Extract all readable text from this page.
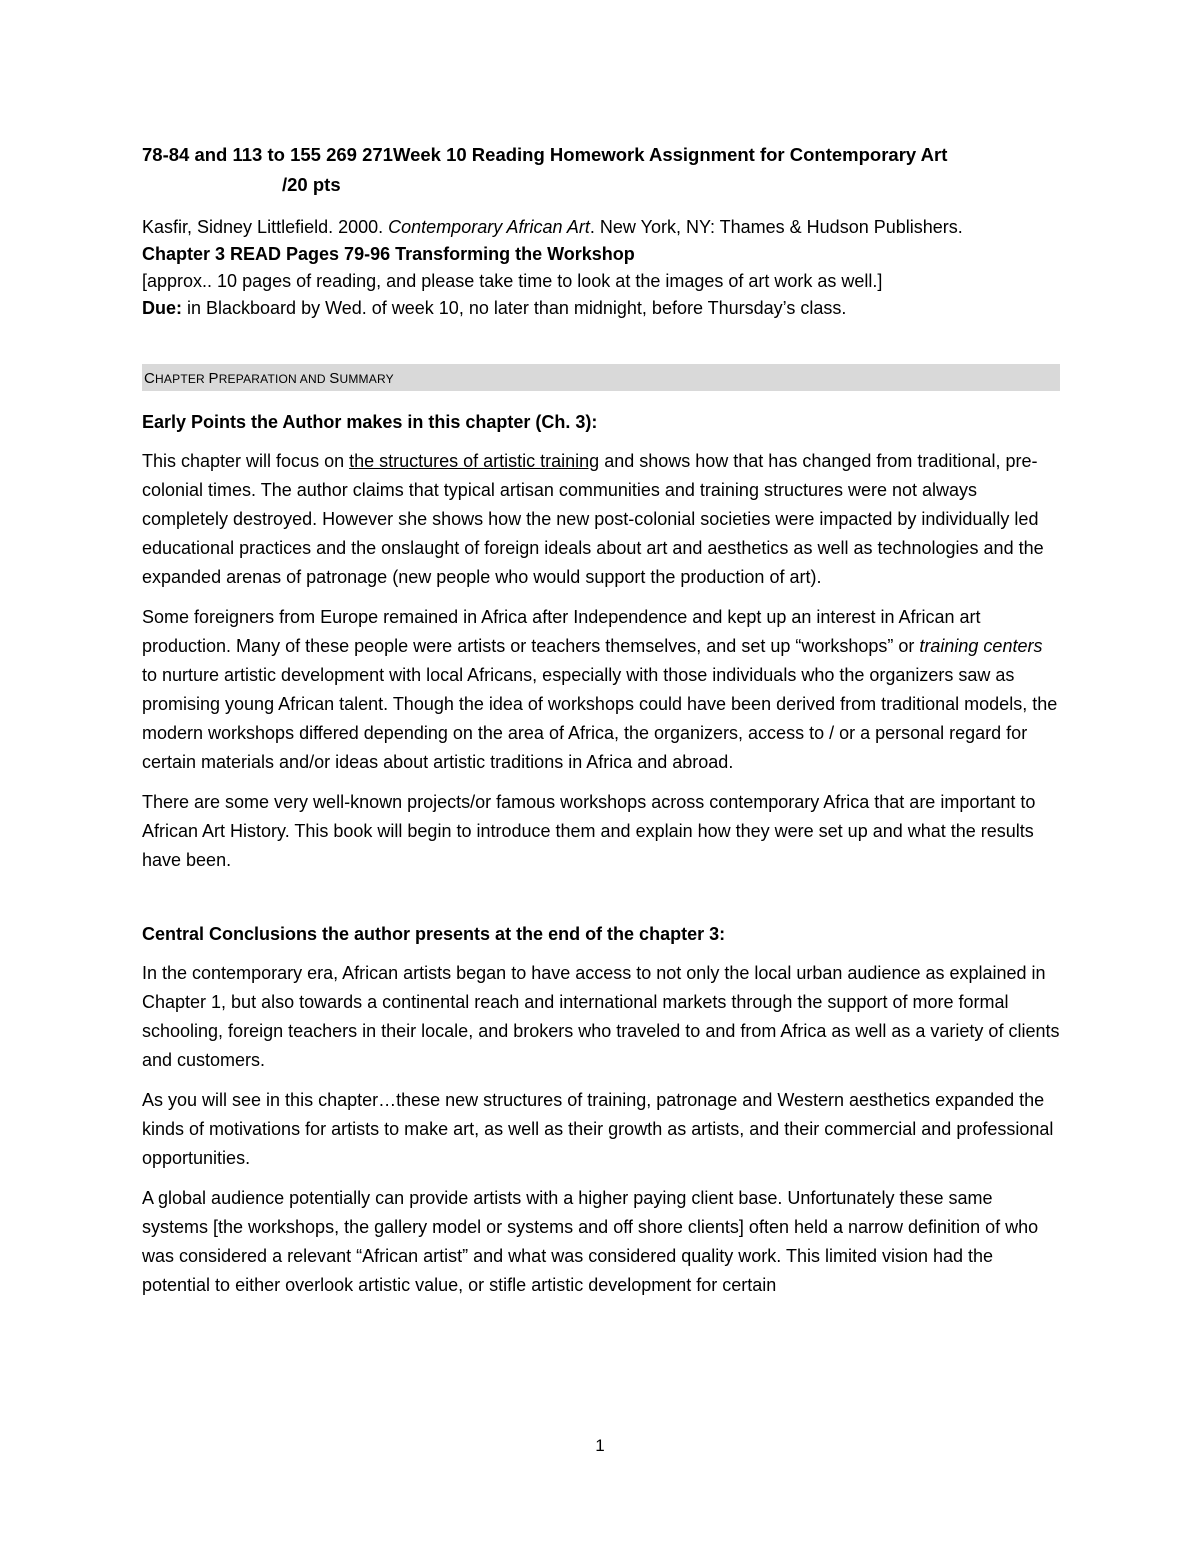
78-84 and 113 to 155 269 271Week 10 Reading Homework Assignment for Contemporary Art

/20 pts

Kasfir, Sidney Littlefield. 2000. Contemporary African Art. New York, NY: Thames & Hudson Publishers.

Chapter 3 READ Pages 79-96 Transforming the Workshop

[approx.. 10 pages of reading, and please take time to look at the images of art work as well.]

Due: in Blackboard by Wed. of week 10, no later than midnight, before Thursday’s class.

CHAPTER PREPARATION AND SUMMARY

Early Points the Author makes in this chapter (Ch. 3):

This chapter will focus on the structures of artistic training and shows how that has changed from traditional, pre-colonial times. The author claims that typical artisan communities and training structures were not always completely destroyed. However she shows how the new post-colonial societies were impacted by individually led educational practices and the onslaught of foreign ideals about art and aesthetics as well as technologies and the expanded arenas of patronage (new people who would support the production of art).

Some foreigners from Europe remained in Africa after Independence and kept up an interest in African art production. Many of these people were artists or teachers themselves, and set up “workshops” or training centers to nurture artistic development with local Africans, especially with those individuals who the organizers saw as promising young African talent. Though the idea of workshops could have been derived from traditional models, the modern workshops differed depending on the area of Africa, the organizers, access to / or a personal regard for certain materials and/or ideas about artistic traditions in Africa and abroad.

There are some very well-known projects/or famous workshops across contemporary Africa that are important to African Art History. This book will begin to introduce them and explain how they were set up and what the results have been.

Central Conclusions the author presents at the end of the chapter 3:

In the contemporary era, African artists began to have access to not only the local urban audience as explained in Chapter 1, but also towards a continental reach and international markets through the support of more formal schooling, foreign teachers in their locale, and brokers who traveled to and from Africa as well as a variety of clients and customers.

As you will see in this chapter…these new structures of training, patronage and Western aesthetics expanded the kinds of motivations for artists to make art, as well as their growth as artists, and their commercial and professional opportunities.

A global audience potentially can provide artists with a higher paying client base. Unfortunately these same systems [the workshops, the gallery model or systems and off shore clients] often held a narrow definition of who was considered a relevant “African artist” and what was considered quality work. This limited vision had the potential to either overlook artistic value, or stifle artistic development for certain

1
